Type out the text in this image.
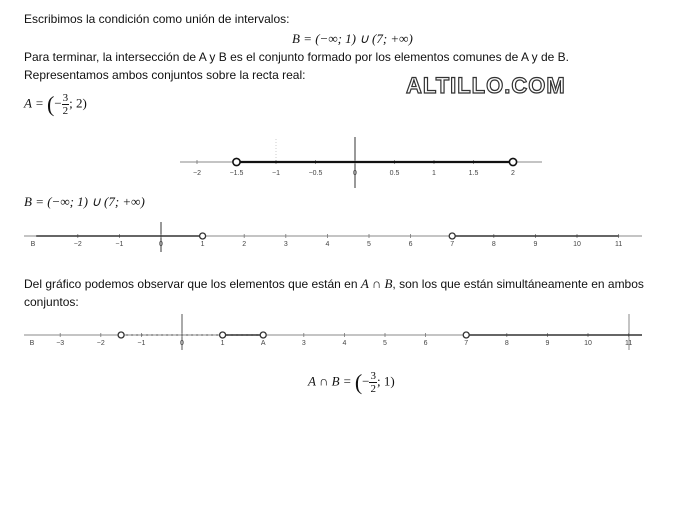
Escribimos la condición como unión de intervalos:
B = (−∞; 1) ∪ (7; +∞)
Para terminar, la intersección de A y B es el conjunto formado por los elementos comunes de A y de B.
Representamos ambos conjuntos sobre la recta real:	ALTILLO.COM
A = (− $\frac{3}{2}$ ; 2)
−2	−1.5	−1	−0.5	0	0.5	1	1.5	2
B = (−∞; 1) ∪ (7; +∞)
−2	−1	0	1	2	3	4	5	6	7	8	9	10	11
B
Del gráfico podemos observar que los elementos que están en A ∩ B, son los que están simultáneamente en ambos
conjuntos:
−3	−2	−1	0	1	A	3	4	5	6	7	8	9	10	11
B
A ∩ B = (− $\frac{3}{2}$ ; 1)
